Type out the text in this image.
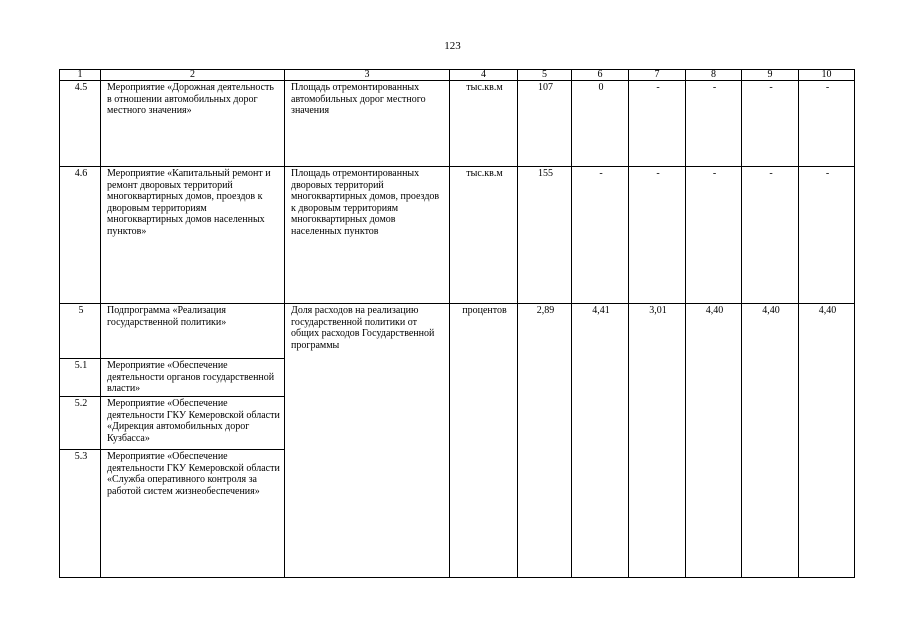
123
1	2	3	4	5	6	7	8	9	10
4.5	Мероприятие «Дорожная деятельность в отношении автомобильных дорог местного значения»	Площадь отремонтированных автомобильных дорог местного значения	тыс.кв.м	107	0	-	-	-	-
4.6	Мероприятие «Капитальный ремонт и ремонт дворовых территорий многоквартирных домов, проездов к дворовым территориям многоквартирных домов населенных пунктов»	Площадь отремонтированных дворовых территорий многоквартирных домов, проездов к дворовым территориям многоквартирных домов населенных пунктов	тыс.кв.м	155	-	-	-	-	-
5	Подпрограмма «Реализация государственной политики»	Доля расходов на реализацию государственной политики от общих расходов Государственной программы	процентов	2,89	4,41	3,01	4,40	4,40	4,40
5.1	Мероприятие «Обеспечение деятельности органов государственной власти»								
5.2	Мероприятие «Обеспечение деятельности ГКУ Кемеровской области «Дирекция автомобильных дорог Кузбасса»								
5.3	Мероприятие «Обеспечение деятельности ГКУ Кемеровской области «Служба оперативного контроля за работой систем жизнеобеспечения»								
